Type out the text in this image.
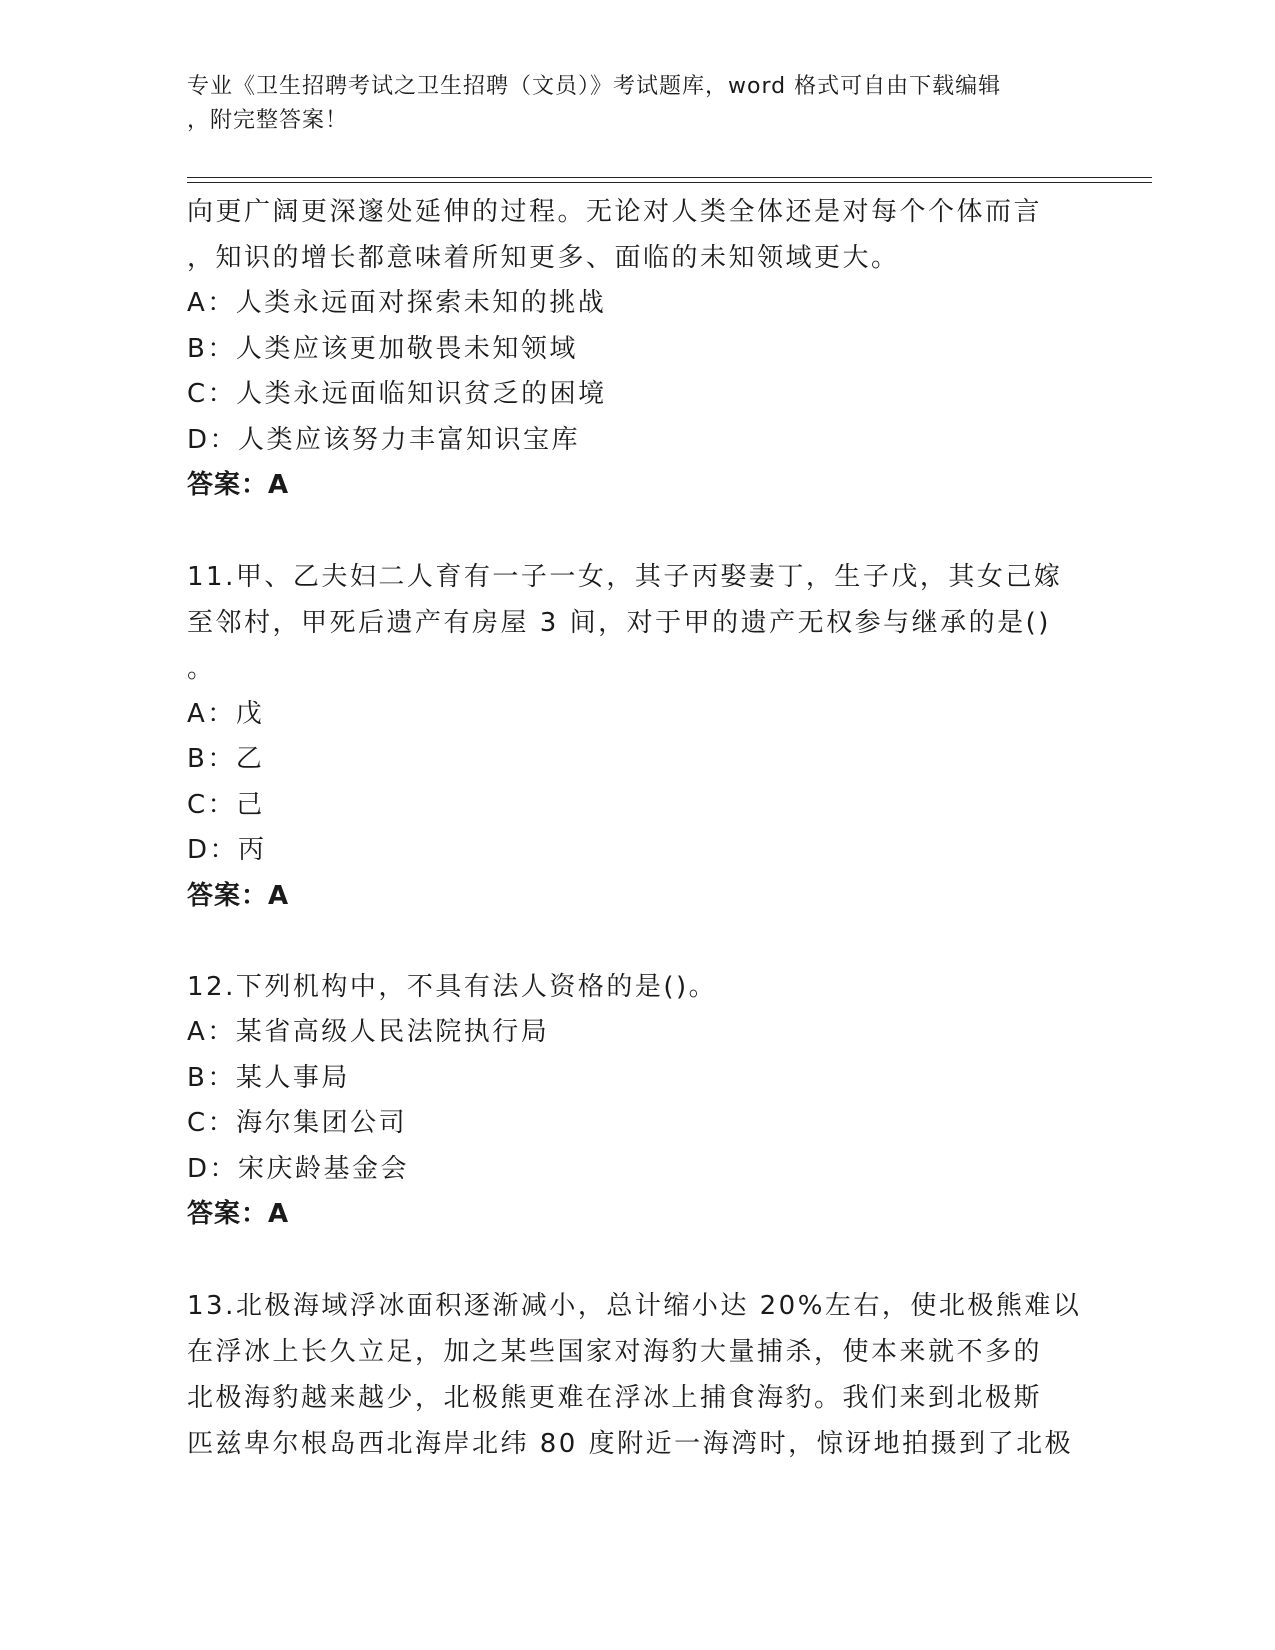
专业《卫生招聘考试之卫生招聘（文员）》考试题库，word 格式可自由下载编辑
，附完整答案！

向更广阔更深邃处延伸的过程。无论对人类全体还是对每个个体而言
，知识的增长都意味着所知更多、面临的未知领域更大。

A：人类永远面对探索未知的挑战

B：人类应该更加敬畏未知领域

C：人类永远面临知识贫乏的困境

D：人类应该努力丰富知识宝库

答案：A

11.甲、乙夫妇二人育有一子一女，其子丙娶妻丁，生子戊，其女己嫁
至邻村，甲死后遗产有房屋 3 间，对于甲的遗产无权参与继承的是()
。

A：戊

B：乙

C：己

D：丙

答案：A

12.下列机构中，不具有法人资格的是()。

A：某省高级人民法院执行局

B：某人事局

C：海尔集团公司

D：宋庆龄基金会

答案：A

13.北极海域浮冰面积逐渐减小，总计缩小达 20%左右，使北极熊难以
在浮冰上长久立足，加之某些国家对海豹大量捕杀，使本来就不多的
北极海豹越来越少，北极熊更难在浮冰上捕食海豹。我们来到北极斯
匹兹卑尔根岛西北海岸北纬 80 度附近一海湾时，惊讶地拍摄到了北极
